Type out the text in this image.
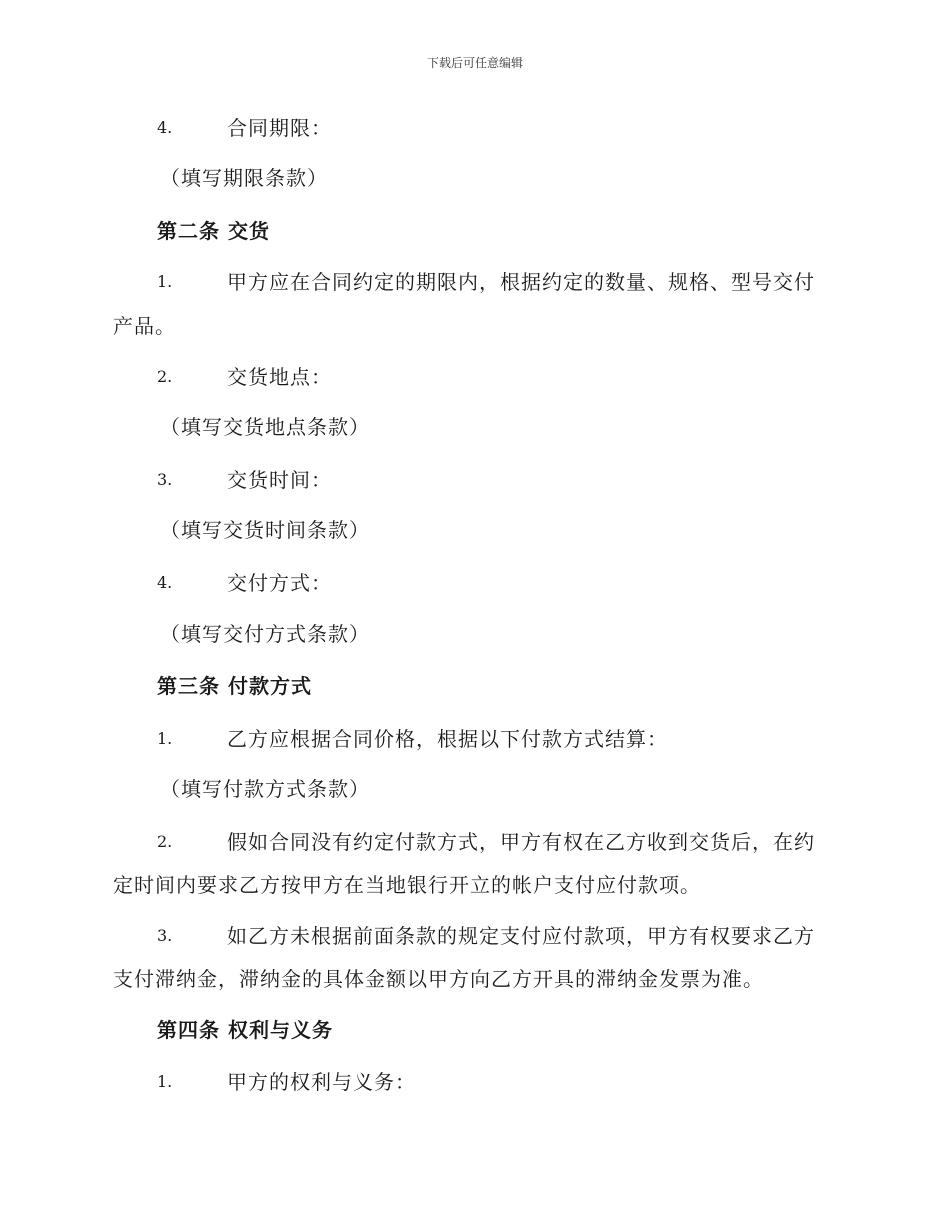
下载后可任意编辑
4.	合同期限：
（填写期限条款）
第二条 交货
1.	甲方应在合同约定的期限内，根据约定的数量、规格、型号交付
产品。
2.	交货地点：
（填写交货地点条款）
3.	交货时间：
（填写交货时间条款）
4.	交付方式：
（填写交付方式条款）
第三条 付款方式
1.	乙方应根据合同价格，根据以下付款方式结算：
（填写付款方式条款）
2.	假如合同没有约定付款方式，甲方有权在乙方收到交货后，在约
定时间内要求乙方按甲方在当地银行开立的帐户支付应付款项。
3.	如乙方未根据前面条款的规定支付应付款项，甲方有权要求乙方
支付滞纳金，滞纳金的具体金额以甲方向乙方开具的滞纳金发票为准。
第四条 权利与义务
1.	甲方的权利与义务：
